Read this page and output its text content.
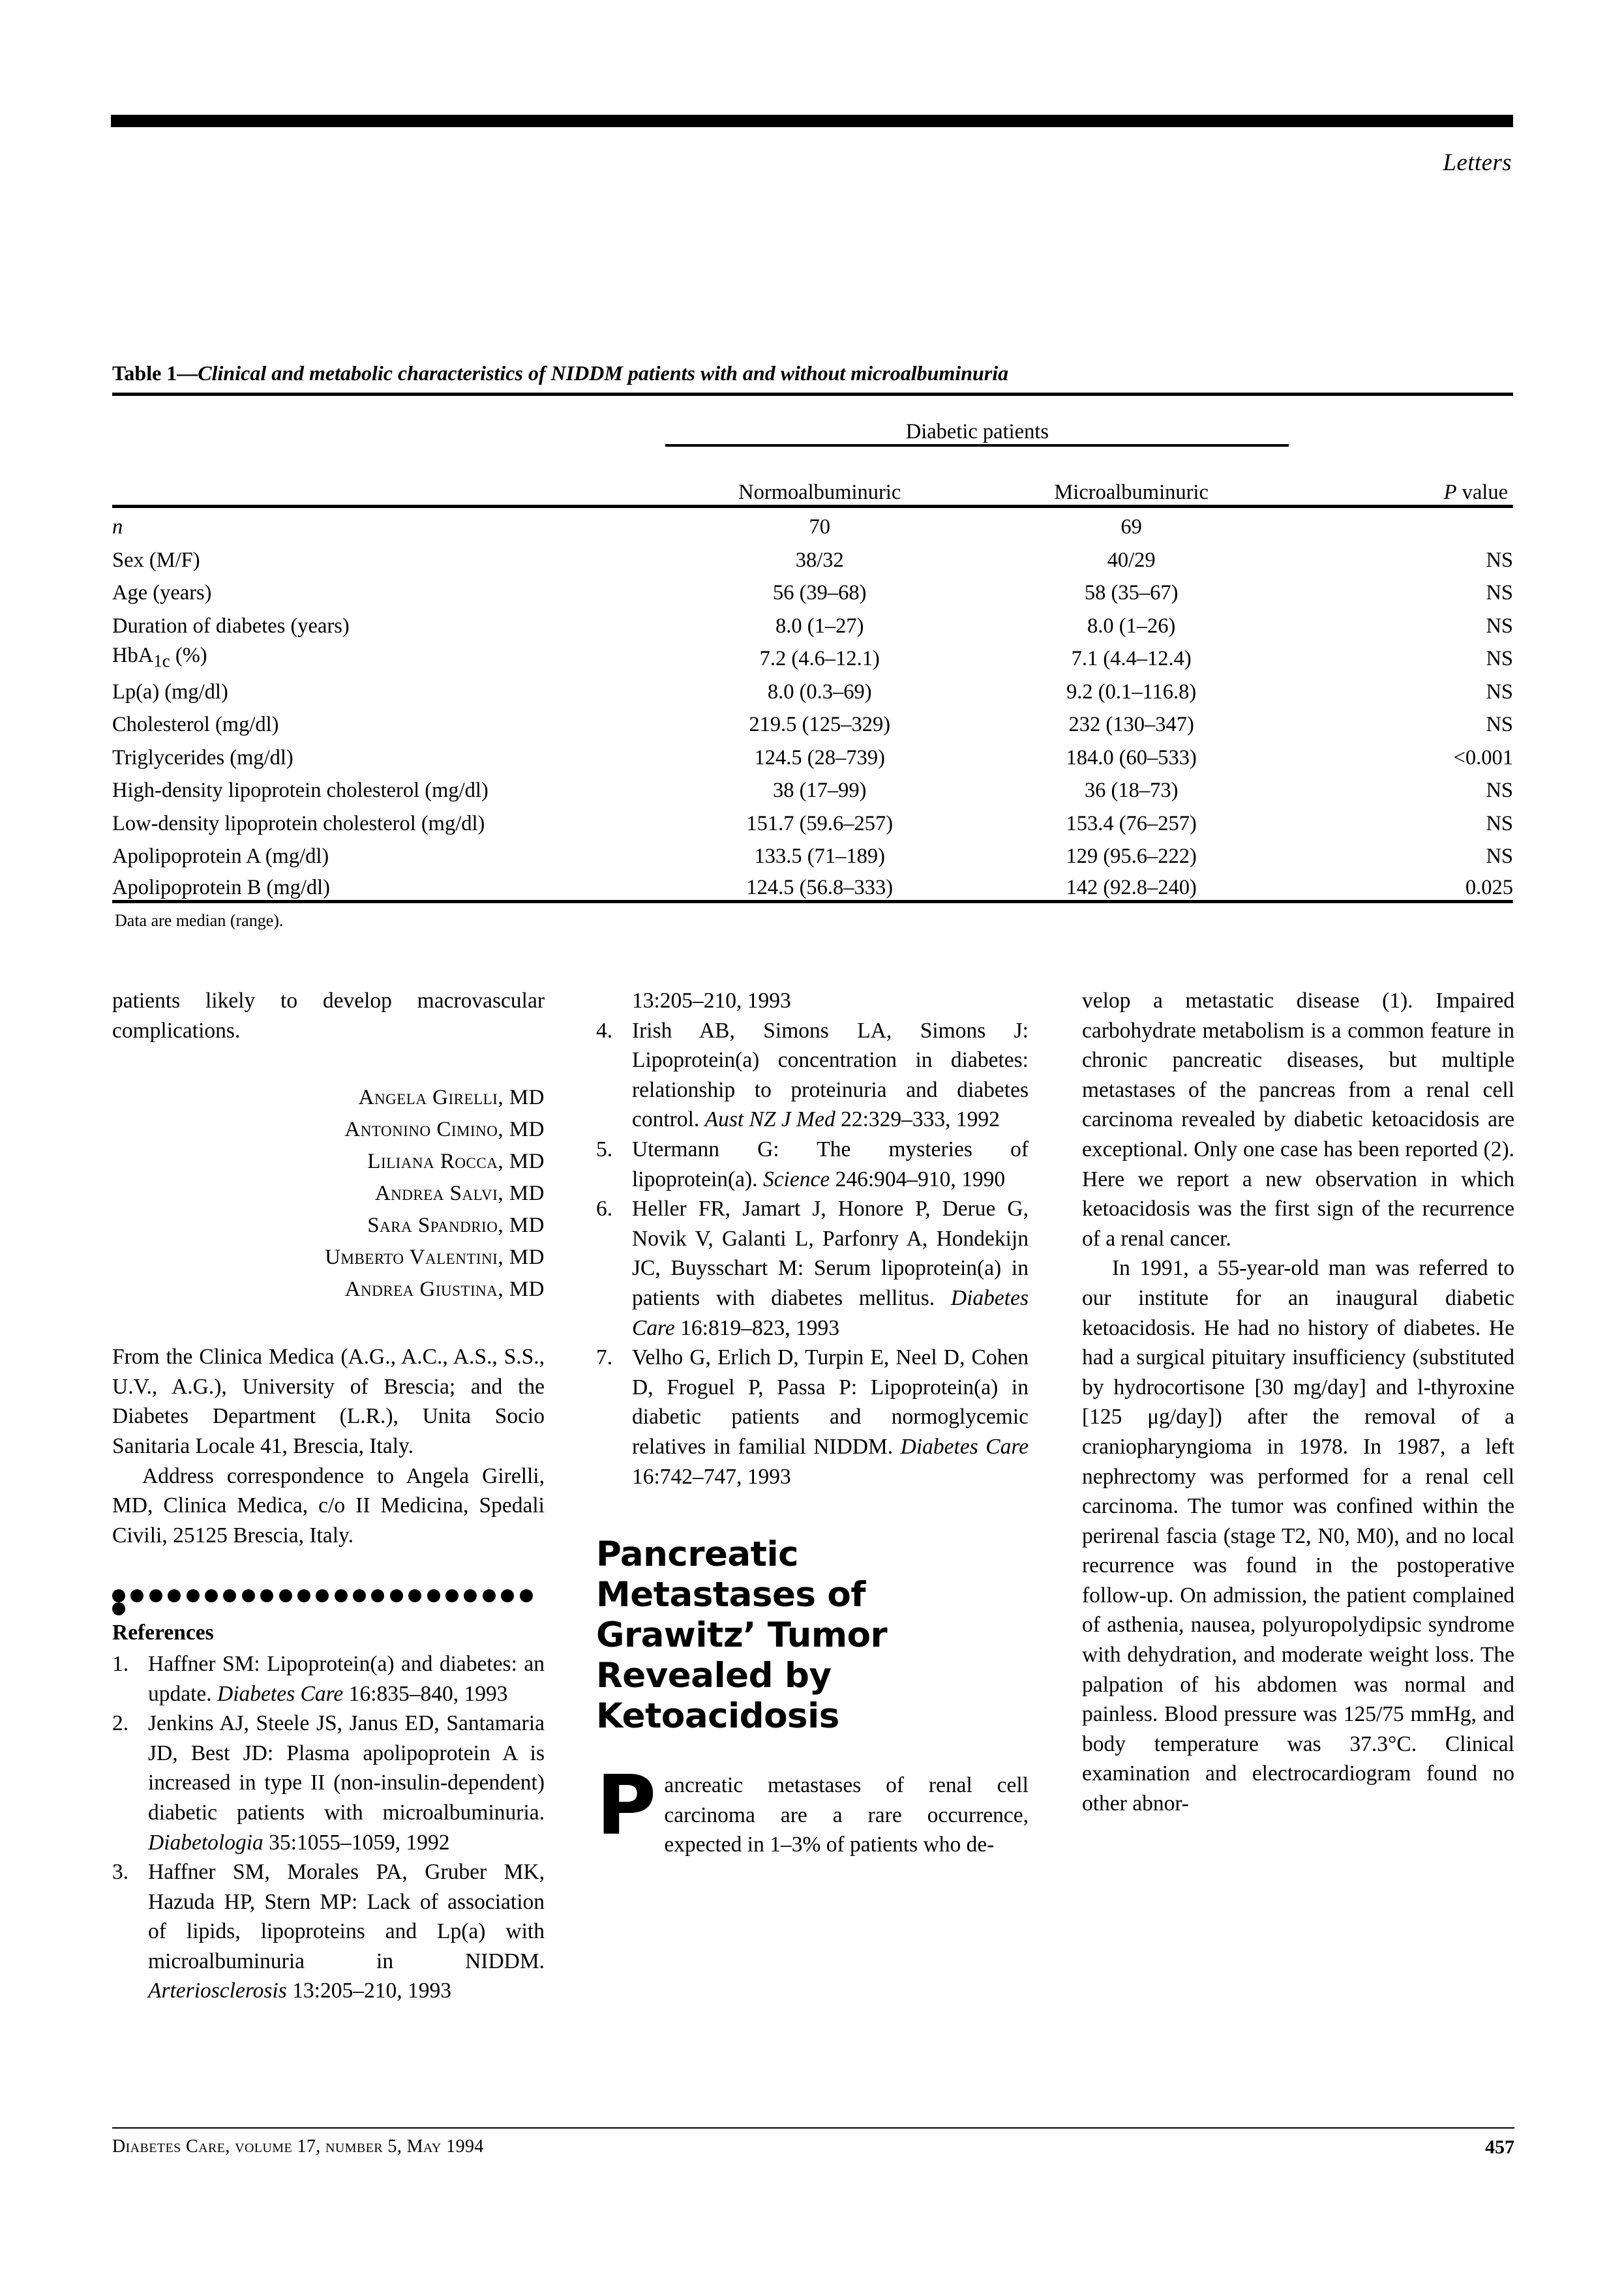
Letters
Table 1—Clinical and metabolic characteristics of NIDDM patients with and without microalbuminuria
	Diabetic patients		

	Normoalbuminuric	Microalbuminuric	P value
n	70	69	
Sex (M/F)	38/32	40/29	NS
Age (years)	56 (39–68)	58 (35–67)	NS
Duration of diabetes (years)	8.0 (1–27)	8.0 (1–26)	NS
HbA$_{1c}$ (%)	7.2 (4.6–12.1)	7.1 (4.4–12.4)	NS
Lp(a) (mg/dl)	8.0 (0.3–69)	9.2 (0.1–116.8)	NS
Cholesterol (mg/dl)	219.5 (125–329)	232 (130–347)	NS
Triglycerides (mg/dl)	124.5 (28–739)	184.0 (60–533)	<0.001
High-density lipoprotein cholesterol (mg/dl)	38 (17–99)	36 (18–73)	NS
Low-density lipoprotein cholesterol (mg/dl)	151.7 (59.6–257)	153.4 (76–257)	NS
Apolipoprotein A (mg/dl)	133.5 (71–189)	129 (95.6–222)	NS
Apolipoprotein B (mg/dl)	124.5 (56.8–333)	142 (92.8–240)	0.025

Data are median (range).

patients likely to develop macrovascular complications.

Angela Girelli, MD
Antonino Cimino, MD
Liliana Rocca, MD
Andrea Salvi, MD
Sara Spandrio, MD
Umberto Valentini, MD
Andrea Giustina, MD

From the Clinica Medica (A.G., A.C., A.S., S.S., U.V., A.G.), University of Brescia; and the Diabetes Department (L.R.), Unita Socio Sanitaria Locale 41, Brescia, Italy.

Address correspondence to Angela Girelli, MD, Clinica Medica, c/o II Medicina, Spedali Civili, 25125 Brescia, Italy.

References
1. Haffner SM: Lipoprotein(a) and diabetes: an update. Diabetes Care 16:835–840, 1993
2. Jenkins AJ, Steele JS, Janus ED, Santamaria JD, Best JD: Plasma apolipoprotein A is increased in type II (non-insulin-dependent) diabetic patients with microalbuminuria. Diabetologia 35:1055–1059, 1992
3. Haffner SM, Morales PA, Gruber MK, Hazuda HP, Stern MP: Lack of association of lipids, lipoproteins and Lp(a) with microalbuminuria in NIDDM. Arteriosclerosis 13:205–210, 1993
13:205–210, 1993
4. Irish AB, Simons LA, Simons J: Lipoprotein(a) concentration in diabetes: relationship to proteinuria and diabetes control. Aust NZ J Med 22:329–333, 1992
5. Utermann G: The mysteries of lipoprotein(a). Science 246:904–910, 1990
6. Heller FR, Jamart J, Honore P, Derue G, Novik V, Galanti L, Parfonry A, Hondekijn JC, Buysschart M: Serum lipoprotein(a) in patients with diabetes mellitus. Diabetes Care 16:819–823, 1993
7. Velho G, Erlich D, Turpin E, Neel D, Cohen D, Froguel P, Passa P: Lipoprotein(a) in diabetic patients and normoglycemic relatives in familial NIDDM. Diabetes Care 16:742–747, 1993
Pancreatic
Metastases of
Grawitz’ Tumor
Revealed by
Ketoacidosis
Pancreatic metastases of renal cell carcinoma are a rare occurrence, expected in 1–3% of patients who de-

velop a metastatic disease (1). Impaired carbohydrate metabolism is a common feature in chronic pancreatic diseases, but multiple metastases of the pancreas from a renal cell carcinoma revealed by diabetic ketoacidosis are exceptional. Only one case has been reported (2). Here we report a new observation in which ketoacidosis was the first sign of the recurrence of a renal cancer.

In 1991, a 55-year-old man was referred to our institute for an inaugural diabetic ketoacidosis. He had no history of diabetes. He had a surgical pituitary insufficiency (substituted by hydrocortisone [30 mg/day] and l-thyroxine [125 μg/day]) after the removal of a craniopharyngioma in 1978. In 1987, a left nephrectomy was performed for a renal cell carcinoma. The tumor was confined within the perirenal fascia (stage T2, N0, M0), and no local recurrence was found in the postoperative follow-up. On admission, the patient complained of asthenia, nausea, polyuropolydipsic syndrome with dehydration, and moderate weight loss. The palpation of his abdomen was normal and painless. Blood pressure was 125/75 mmHg, and body temperature was 37.3°C. Clinical examination and electrocardiogram found no other abnor-

Diabetes Care, volume 17, number 5, May 1994	457
